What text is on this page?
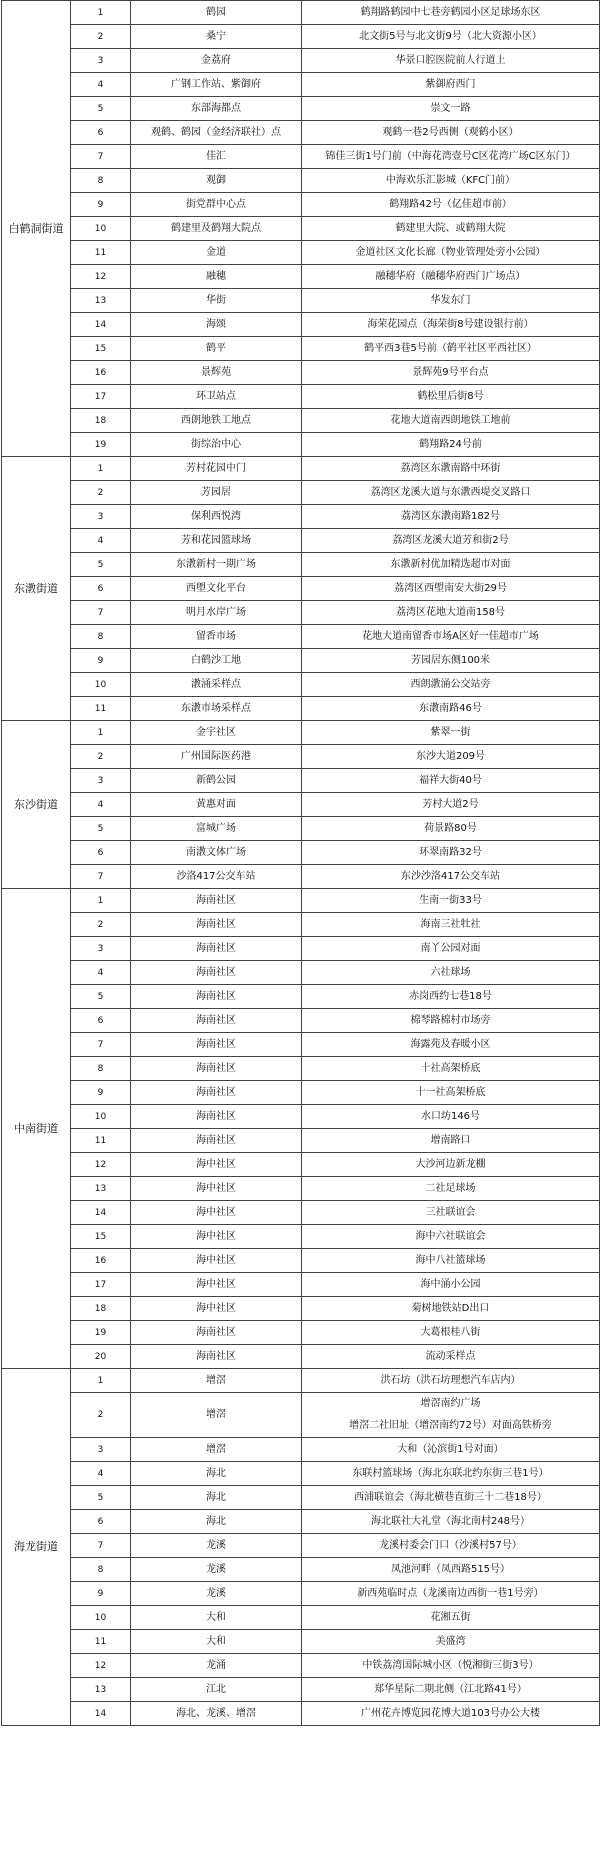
白鹤洞街道	1	鹤园	鹤翔路鹤园中七巷旁鹤园小区足球场东区
	2	桑宁	北文街5号与北文街9号（北大资源小区）
	3	金荔府	华景口腔医院前人行道上
	4	广钢工作站、紫御府	紫御府西门
	5	东部海都点	崇文一路
	6	观鹤、鹤园（金经济联社）点	观鹤一巷2号西侧（观鹤小区）
	7	佳汇	锦佳三街1号门前（中海花湾壹号C区花湾广场C区东门）
	8	观御	中海欢乐汇影城（KFC门前）
	9	街党群中心点	鹤翔路42号（亿佳超市前）
	10	鹤建里及鹤翔大院点	鹤建里大院、或鹤翔大院
	11	金道	金道社区文化长廊（物业管理处旁小公园）
	12	融穗	融穗华府（融穗华府西门广场点）
	13	华街	华发东门
	14	海颂	海荣花园点（海荣街8号建设银行前）
	15	鹤平	鹤平西3巷5号前（鹤平社区平西社区）
	16	景辉苑	景辉苑9号平台点
	17	环卫站点	鹤松里后街8号
	18	西朗地铁工地点	花地大道南西朗地铁工地前
	19	街综治中心	鹤翔路24号前
东漖街道	1	芳村花园中门	荔湾区东漖南路中环街
	2	芳园居	荔湾区龙溪大道与东漖西堤交叉路口
	3	保利西悦湾	荔湾区东漖南路182号
	4	芳和花园篮球场	荔湾区龙溪大道芳和街2号
	5	东漖新村一期广场	东漖新村优加精选超市对面
	6	西塱文化平台	荔湾区西塱南安大街29号
	7	明月水岸广场	荔湾区花地大道南158号
	8	留香市场	花地大道南留香市场A区好一佳超市广场
	9	白鹤沙工地	芳园居东侧100米
	10	漖涌采样点	西朗漖涌公交站旁
	11	东漖市场采样点	东漖南路46号
东沙街道	1	金宇社区	紫翠一街
	2	广州国际医药港	东沙大道209号
	3	新鹤公园	福祥大街40号
	4	黄惠对面	芳村大道2号
	5	富城广场	荷景路80号
	6	南漖文体广场	环翠南路32号
	7	沙洛417公交车站	东沙沙洛417公交车站
中南街道	1	海南社区	生南一街33号
	2	海南社区	海南三社牡社
	3	海南社区	南丫公园对面
	4	海南社区	六社球场
	5	海南社区	赤岗西约七巷18号
	6	海南社区	棉琴路棉村市场旁
	7	海南社区	海露苑及春暖小区
	8	海南社区	十社高架桥底
	9	海南社区	十一社高架桥底
	10	海南社区	水口坊146号
	11	海南社区	增南路口
	12	海中社区	大沙河边新龙棚
	13	海中社区	二社足球场
	14	海中社区	三社联谊会
	15	海中社区	海中六社联谊会
	16	海中社区	海中八社篮球场
	17	海中社区	海中涌小公园
	18	海中社区	菊树地铁站D出口
	19	海南社区	大葛根桂八街
	20	海南社区	流动采样点
海龙街道	1	增滘	洪石坊（洪石坊理想汽车店内）
	2	增滘	增滘南约广场
增滘二社旧址（增滘南约72号）对面高铁桥旁

	3	增滘	大和（沁滨街1号对面）
	4	海北	东联村篮球场（海北东联北约东街三巷1号）
	5	海北	西浦联谊会（海北横巷直街三十二巷18号）
	6	海北	海北联社大礼堂（海北南村248号）
	7	龙溪	龙溪村委会门口（沙溪村57号）
	8	龙溪	凤池河畔（凤西路515号）
	9	龙溪	新西苑临时点（龙溪南边西街一巷1号旁）
	10	大和	花湘五街
	11	大和	美盛湾
	12	龙涌	中铁荔湾国际城小区（悦湘街三街3号）
	13	江北	郑华星际二期北侧（江北路41号）
	14	海北、龙溪、增滘	广州花卉博览园花博大道103号办公大楼
